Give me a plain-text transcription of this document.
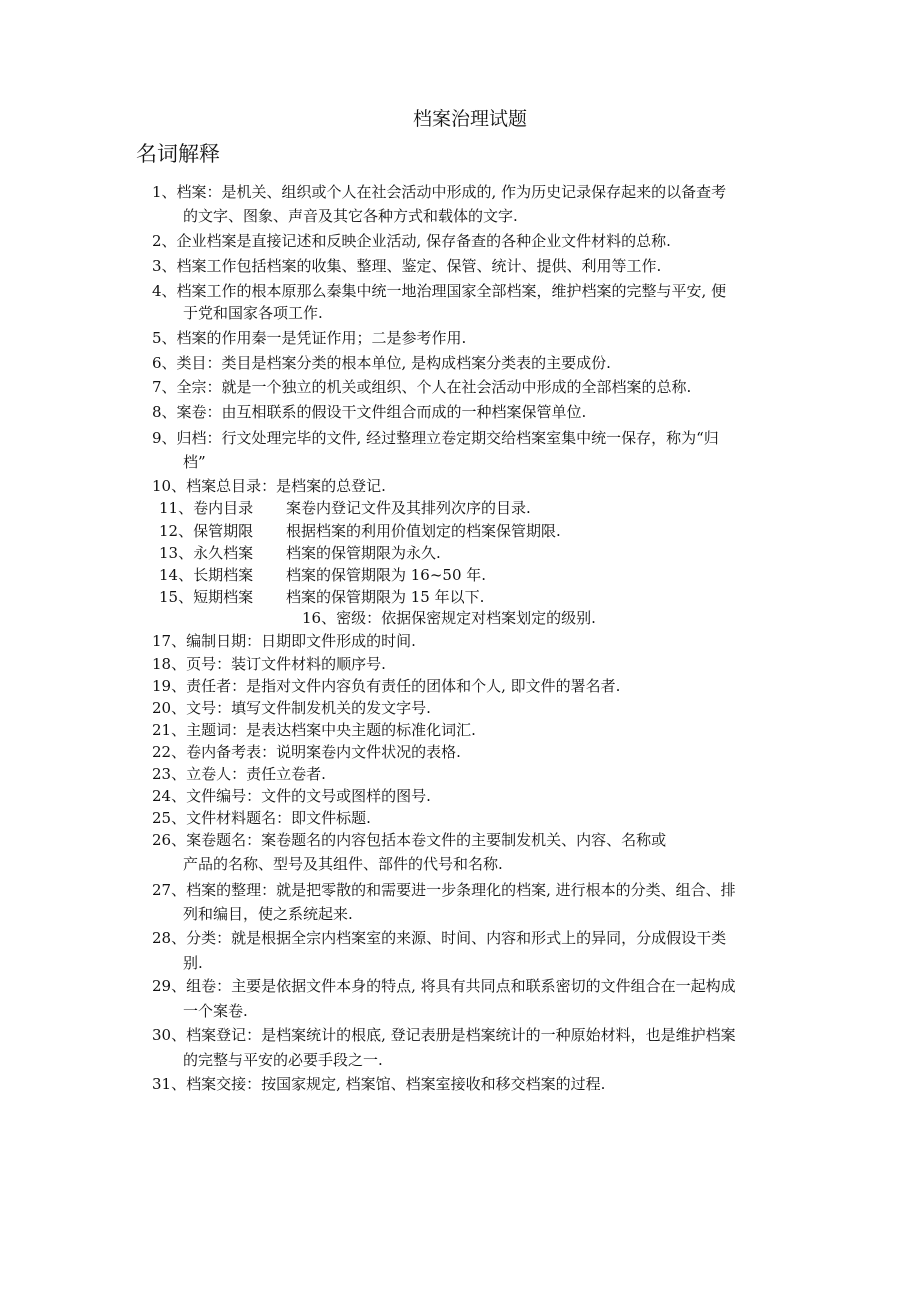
档案治理试题
名词解释
1、档案：是机关、组织或个人在社会活动中形成的, 作为历史记录保存起来的以备查考
的文字、图象、声音及其它各种方式和载体的文字.
2、企业档案是直接记述和反映企业活动, 保存备查的各种企业文件材料的总称.
3、档案工作包括档案的收集、整理、鉴定、保管、统计、提供、利用等工作.
4、档案工作的根本原那么秦集中统一地治理国家全部档案，维护档案的完整与平安, 便
于党和国家各项工作.
5、档案的作用秦一是凭证作用；二是参考作用.
6、类目：类目是档案分类的根本单位, 是构成档案分类表的主要成份.
7、全宗：就是一个独立的机关或组织、个人在社会活动中形成的全部档案的总称.
8、案卷：由互相联系的假设干文件组合而成的一种档案保管单位.
9、归档：行文处理完毕的文件, 经过整理立卷定期交给档案室集中统一保存，称为“归
档”
10、档案总目录：是档案的总登记.
11、卷内目录 案卷内登记文件及其排列次序的目录.
12、保管期限 根据档案的利用价值划定的档案保管期限.
13、永久档案 档案的保管期限为永久.
14、长期档案 档案的保管期限为 16~50 年.
15、短期档案 档案的保管期限为 15 年以下.
16、密级：依据保密规定对档案划定的级别.
17、编制日期：日期即文件形成的时间.
18、页号：装订文件材料的顺序号.
19、责任者：是指对文件内容负有责任的团体和个人, 即文件的署名者.
20、文号：填写文件制发机关的发文字号.
21、主题词：是表达档案中央主题的标准化词汇.
22、卷内备考表：说明案卷内文件状况的表格.
23、立卷人：责任立卷者.
24、文件编号：文件的文号或图样的图号.
25、文件材料题名：即文件标题.
26、案卷题名：案卷题名的内容包括本卷文件的主要制发机关、内容、名称或
产品的名称、型号及其组件、部件的代号和名称.
27、档案的整理：就是把零散的和需要进一步条理化的档案, 进行根本的分类、组合、排
列和编目，使之系统起来.
28、分类：就是根据全宗内档案室的来源、时间、内容和形式上的异同，分成假设干类
别.
29、组卷：主要是依据文件本身的特点, 将具有共同点和联系密切的文件组合在一起构成
一个案卷.
30、档案登记：是档案统计的根底, 登记表册是档案统计的一种原始材料，也是维护档案
的完整与平安的必要手段之一.
31、档案交接：按国家规定, 档案馆、档案室接收和移交档案的过程.
